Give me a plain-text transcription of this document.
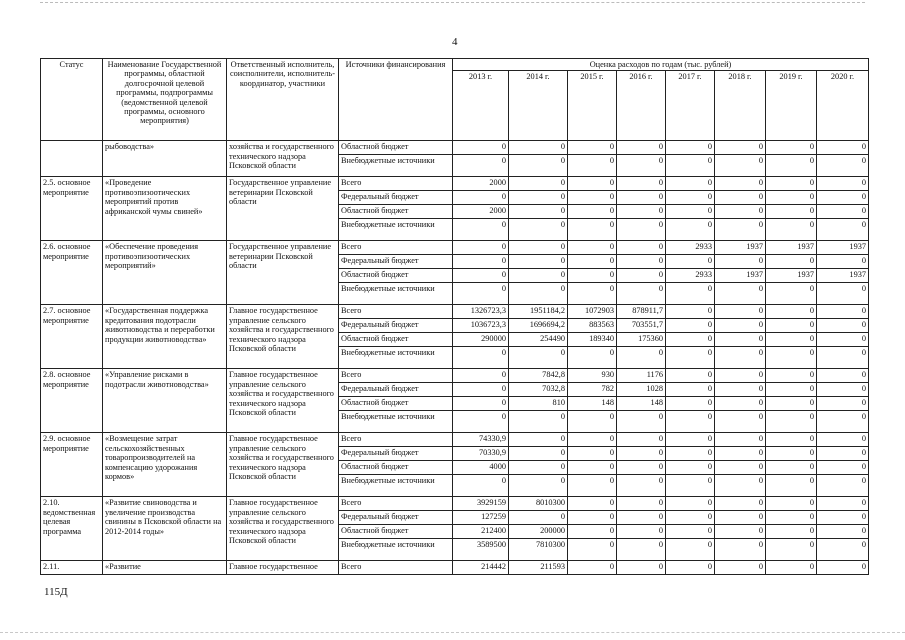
4
Статус	Наименование Государственной программы, областной долгосрочной целевой программы, подпрограммы (ведомственной целевой программы, основного мероприятия)	Ответственный исполнитель, соисполнители, исполнитель-координатор, участники	Источники финансирования	Оценка расходов по годам (тыс. рублей)							
				2013 г.	2014 г.	2015 г.	2016 г.	2017 г.	2018 г.	2019 г.	2020 г.
	рыбоводства»	хозяйства и государственного технического надзора Псковской области	Областной бюджет	0	0	0	0	0	0	0	0
			Внебюджетные источники	0	0	0	0	0	0	0	0
2.5. основное мероприятие	«Проведение противоэпизоотических мероприятий против африканской чумы свиней»	Государственное управление ветеринарии Псковской области	Всего	2000	0	0	0	0	0	0	0
			Федеральный бюджет	0	0	0	0	0	0	0	0
			Областной бюджет	2000	0	0	0	0	0	0	0
			Внебюджетные источники	0	0	0	0	0	0	0	0
2.6. основное мероприятие	«Обеспечение проведения противоэпизоотических мероприятий»	Государственное управление ветеринарии Псковской области	Всего	0	0	0	0	2933	1937	1937	1937
			Федеральный бюджет	0	0	0	0	0	0	0	0
			Областной бюджет	0	0	0	0	2933	1937	1937	1937
			Внебюджетные источники	0	0	0	0	0	0	0	0
2.7. основное мероприятие	«Государственная поддержка кредитования подотрасли животноводства и переработки продукции животноводства»	Главное государственное управление сельского хозяйства и государственного технического надзора Псковской области	Всего	1326723,3	1951184,2	1072903	878911,7	0	0	0	0
			Федеральный бюджет	1036723,3	1696694,2	883563	703551,7	0	0	0	0
			Областной бюджет	290000	254490	189340	175360	0	0	0	0
			Внебюджетные источники	0	0	0	0	0	0	0	0
2.8. основное мероприятие	«Управление рисками в подотрасли животноводства»	Главное государственное управление сельского хозяйства и государственного технического надзора Псковской области	Всего	0	7842,8	930	1176	0	0	0	0
			Федеральный бюджет	0	7032,8	782	1028	0	0	0	0
			Областной бюджет	0	810	148	148	0	0	0	0
			Внебюджетные источники	0	0	0	0	0	0	0	0
2.9. основное мероприятие	«Возмещение затрат сельскохозяйственных товаропроизводителей на компенсацию удорожания кормов»	Главное государственное управление сельского хозяйства и государственного технического надзора Псковской области	Всего	74330,9	0	0	0	0	0	0	0
			Федеральный бюджет	70330,9	0	0	0	0	0	0	0
			Областной бюджет	4000	0	0	0	0	0	0	0
			Внебюджетные источники	0	0	0	0	0	0	0	0
2.10. ведомственная целевая программа	«Развитие свиноводства и увеличение производства свинины в Псковской области на 2012-2014 годы»	Главное государственное управление сельского хозяйства и государственного технического надзора Псковской области	Всего	3929159	8010300	0	0	0	0	0	0
			Федеральный бюджет	127259	0	0	0	0	0	0	0
			Областной бюджет	212400	200000	0	0	0	0	0	0
			Внебюджетные источники	3589500	7810300	0	0	0	0	0	0
2.11.	«Развитие	Главное государственное	Всего	214442	211593	0	0	0	0	0	0
115Д
